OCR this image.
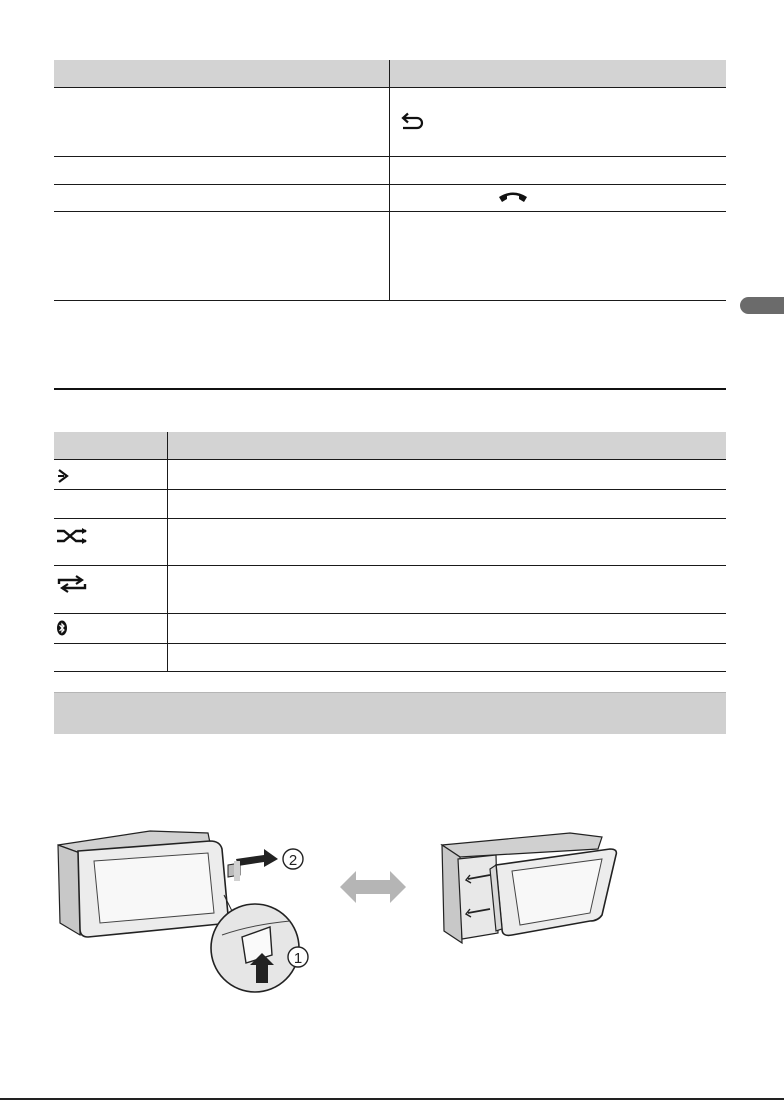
2
1
